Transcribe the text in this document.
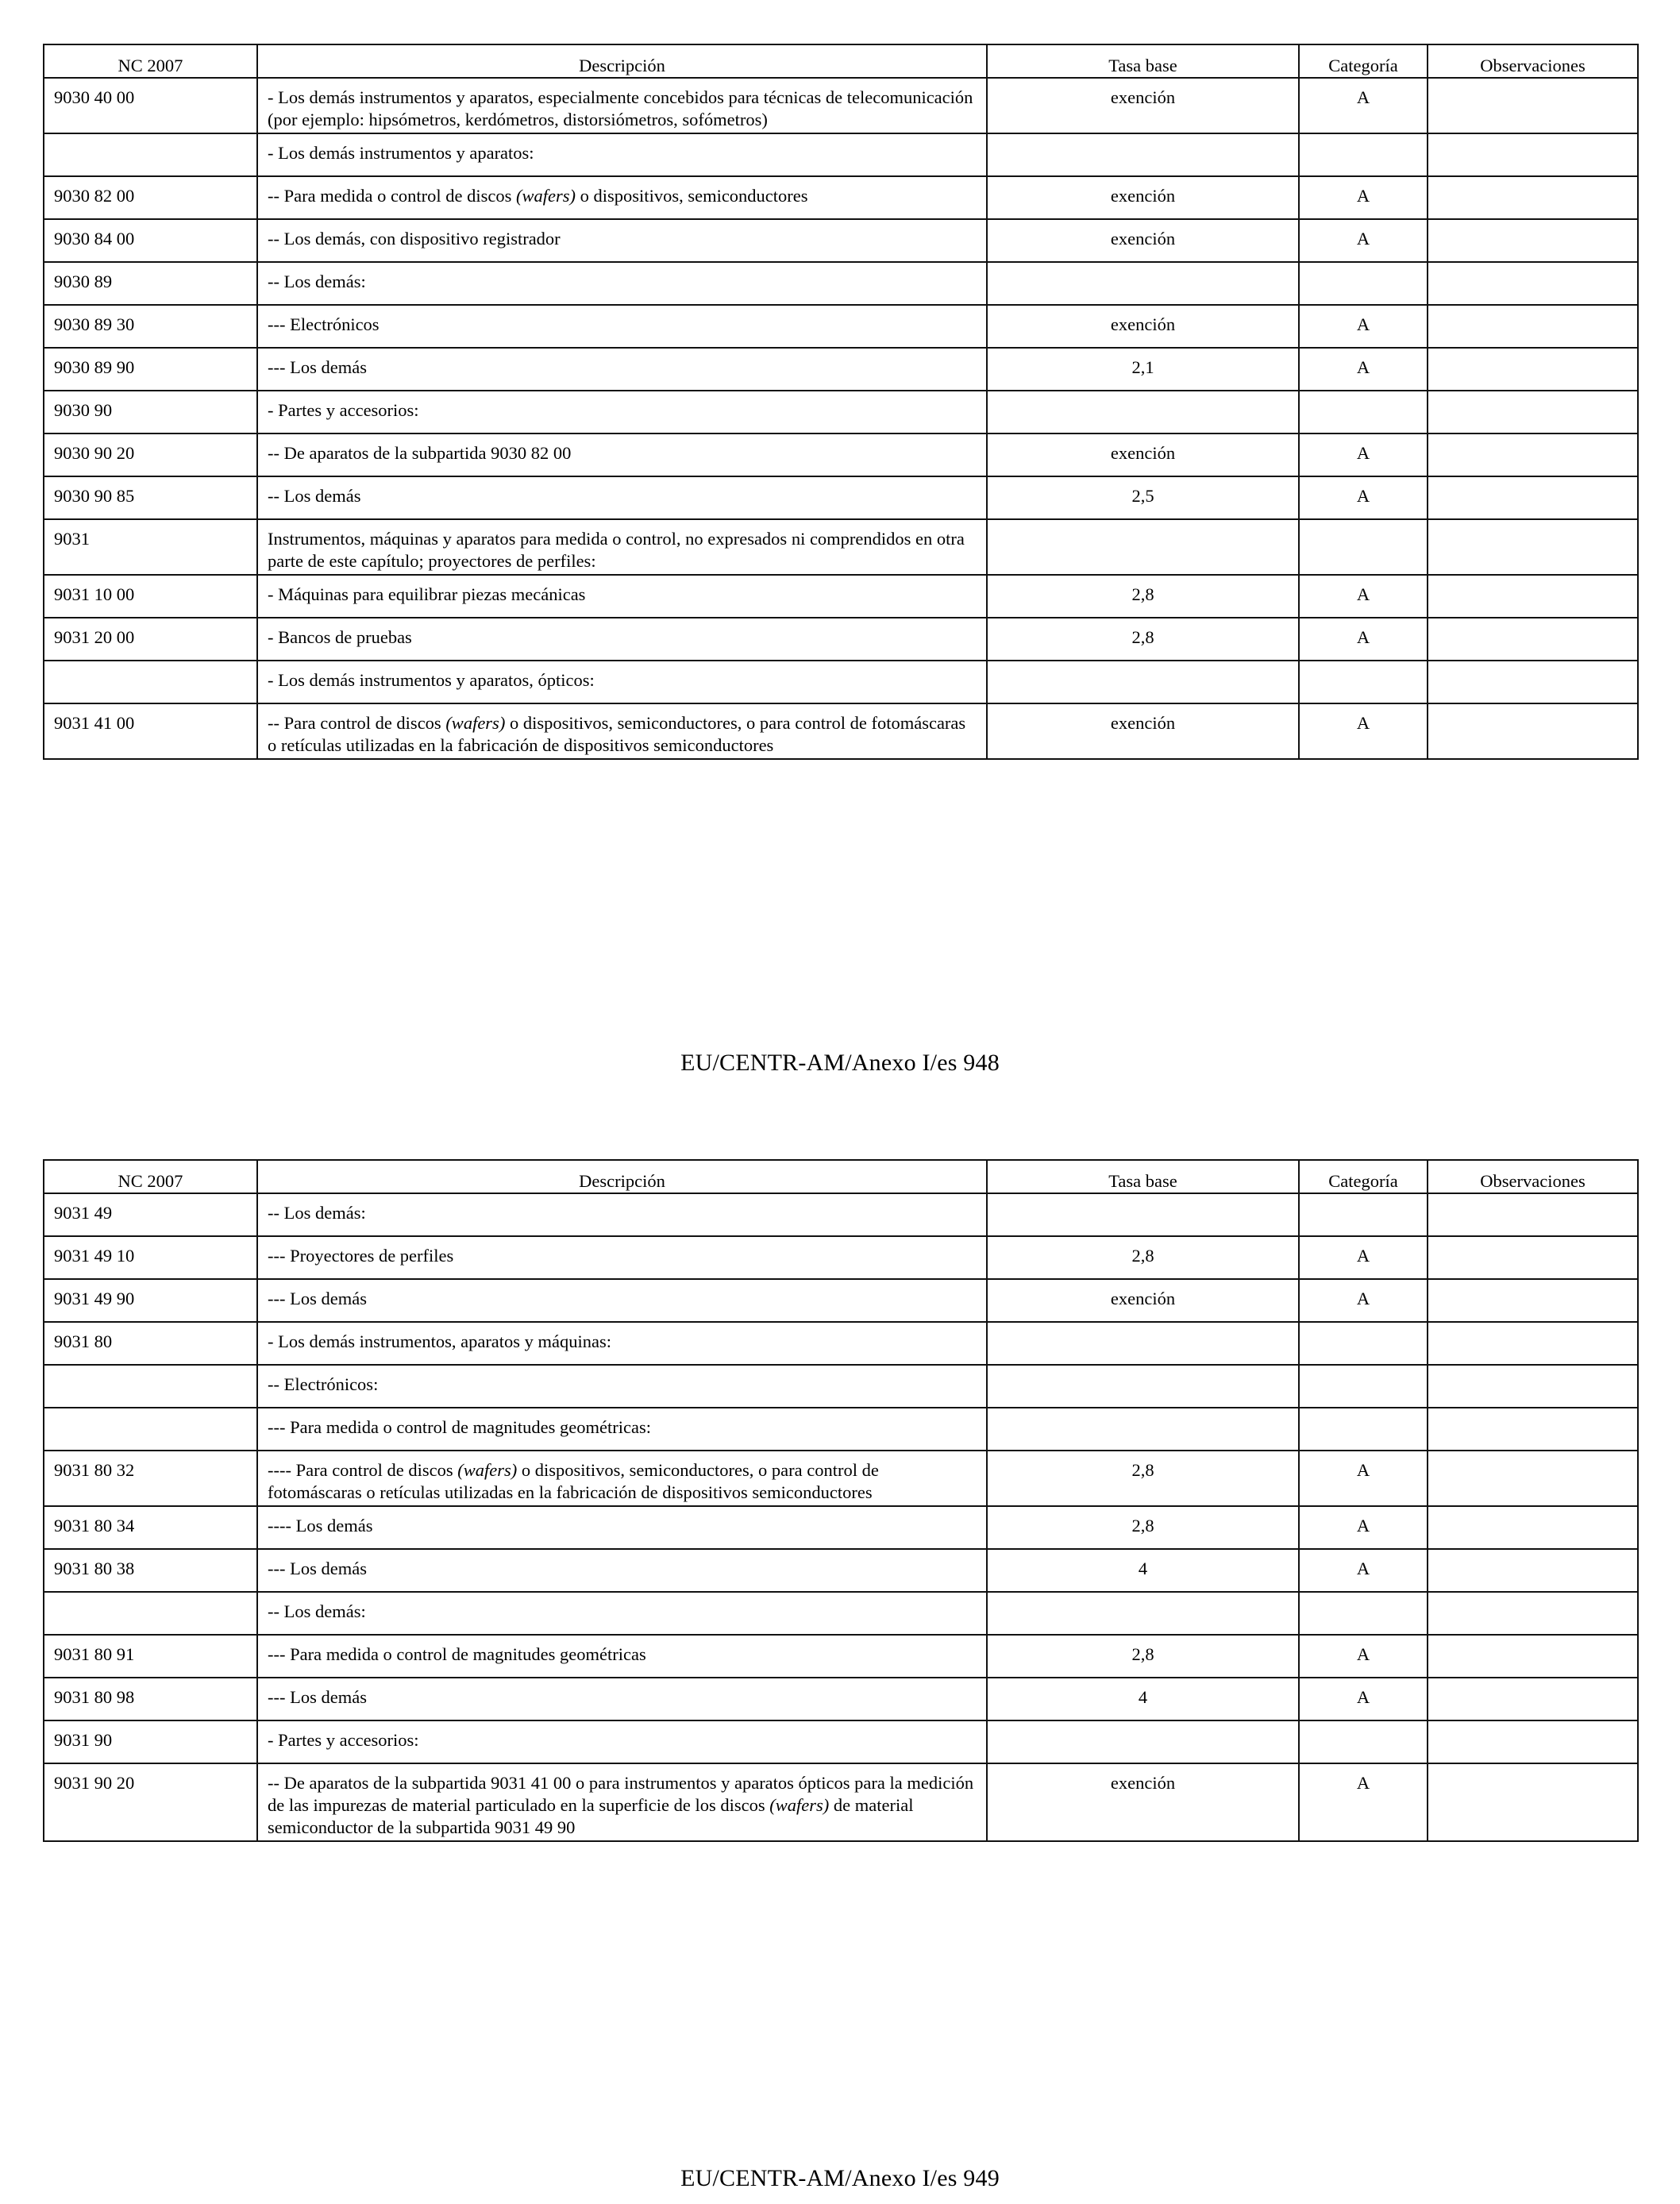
NC 2007	Descripción	Tasa base	Categoría	Observaciones
9030 40 00	- Los demás instrumentos y aparatos, especialmente concebidos para técnicas de telecomunicación (por ejemplo: hipsómetros, kerdómetros, distorsiómetros, sofómetros)	exención	A	
	- Los demás instrumentos y aparatos:			
9030 82 00	-- Para medida o control de discos (wafers) o dispositivos, semiconductores	exención	A	
9030 84 00	-- Los demás, con dispositivo registrador	exención	A	
9030 89	-- Los demás:			
9030 89 30	--- Electrónicos	exención	A	
9030 89 90	--- Los demás	2,1	A	
9030 90	- Partes y accesorios:			
9030 90 20	-- De aparatos de la subpartida 9030 82 00	exención	A	
9030 90 85	-- Los demás	2,5	A	
9031	Instrumentos, máquinas y aparatos para medida o control, no expresados ni comprendidos en otra parte de este capítulo; proyectores de perfiles:			
9031 10 00	- Máquinas para equilibrar piezas mecánicas	2,8	A	
9031 20 00	- Bancos de pruebas	2,8	A	
	- Los demás instrumentos y aparatos, ópticos:			
9031 41 00	-- Para control de discos (wafers) o dispositivos, semiconductores, o para control de fotomáscaras o retículas utilizadas en la fabricación de dispositivos semiconductores	exención	A	
EU/CENTR-AM/Anexo I/es 948
NC 2007	Descripción	Tasa base	Categoría	Observaciones
9031 49	-- Los demás:			
9031 49 10	--- Proyectores de perfiles	2,8	A	
9031 49 90	--- Los demás	exención	A	
9031 80	- Los demás instrumentos, aparatos y máquinas:			
	-- Electrónicos:			
	--- Para medida o control de magnitudes geométricas:			
9031 80 32	---- Para control de discos (wafers) o dispositivos, semiconductores, o para control de fotomáscaras o retículas utilizadas en la fabricación de dispositivos semiconductores	2,8	A	
9031 80 34	---- Los demás	2,8	A	
9031 80 38	--- Los demás	4	A	
	-- Los demás:			
9031 80 91	--- Para medida o control de magnitudes geométricas	2,8	A	
9031 80 98	--- Los demás	4	A	
9031 90	- Partes y accesorios:			
9031 90 20	-- De aparatos de la subpartida 9031 41 00 o para instrumentos y aparatos ópticos para la medición de las impurezas de material particulado en la superficie de los discos (wafers) de material semiconductor de la subpartida 9031 49 90	exención	A	
EU/CENTR-AM/Anexo I/es 949
